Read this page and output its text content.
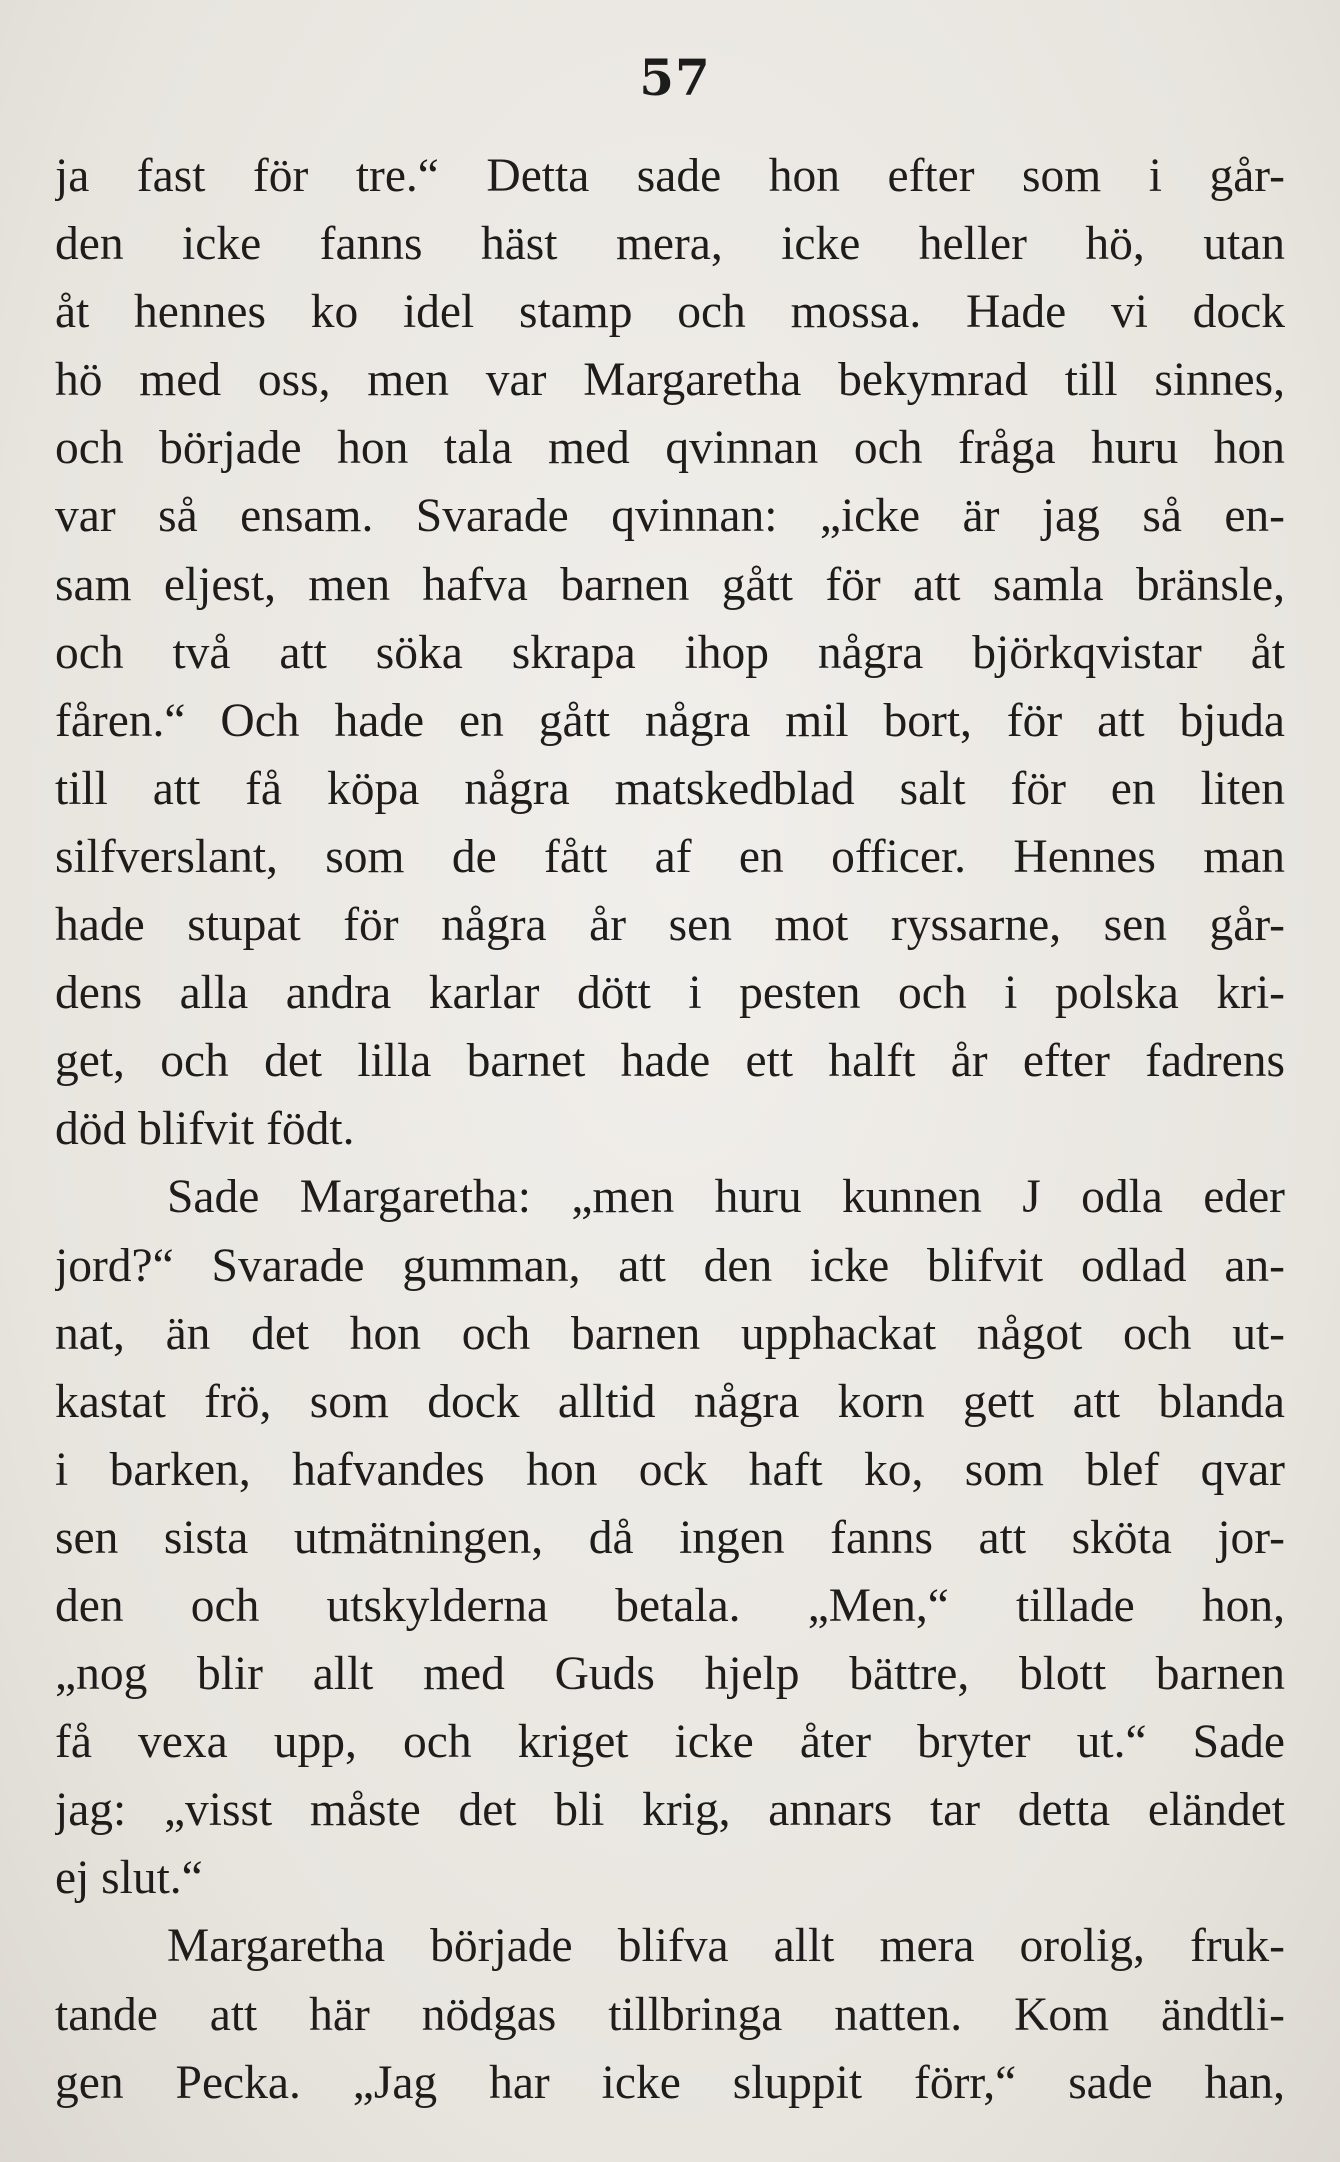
57
ja fast för tre.“ Detta sade hon efter som i går-
den icke fanns häst mera, icke heller hö, utan
åt hennes ko idel stamp och mossa. Hade vi dock
hö med oss, men var Margaretha bekymrad till sinnes,
och började hon tala med qvinnan och fråga huru hon
var så ensam. Svarade qvinnan: „icke är jag så en-
sam eljest, men hafva barnen gått för att samla bränsle,
och två att söka skrapa ihop några björkqvistar åt
fåren.“ Och hade en gått några mil bort, för att bjuda
till att få köpa några matskedblad salt för en liten
silfverslant, som de fått af en officer. Hennes man
hade stupat för några år sen mot ryssarne, sen går-
dens alla andra karlar dött i pesten och i polska kri-
get, och det lilla barnet hade ett halft år efter fadrens
död blifvit födt.
Sade Margaretha: „men huru kunnen J odla eder
jord?“ Svarade gumman, att den icke blifvit odlad an-
nat, än det hon och barnen upphackat något och ut-
kastat frö, som dock alltid några korn gett att blanda
i barken, hafvandes hon ock haft ko, som blef qvar
sen sista utmätningen, då ingen fanns att sköta jor-
den och utskylderna betala. „Men,“ tillade hon,
„nog blir allt med Guds hjelp bättre, blott barnen
få vexa upp, och kriget icke åter bryter ut.“ Sade
jag: „visst måste det bli krig, annars tar detta eländet
ej slut.“
Margaretha började blifva allt mera orolig, fruk-
tande att här nödgas tillbringa natten. Kom ändtli-
gen Pecka. „Jag har icke sluppit förr,“ sade han,
